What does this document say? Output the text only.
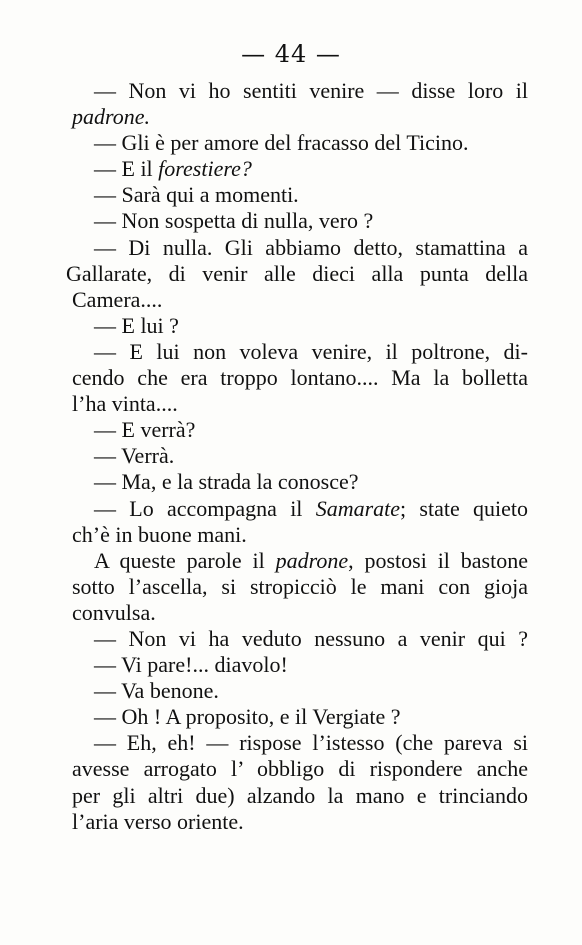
— 44 —
— Non vi ho sentiti venire — disse loro il
padrone.
— Gli è per amore del fracasso del Ticino.
— E il forestiere?
— Sarà qui a momenti.
— Non sospetta di nulla, vero ?
— Di nulla. Gli abbiamo detto, stamattina a
Gallarate, di venir alle dieci alla punta della
Camera....
— E lui ?
— E lui non voleva venire, il poltrone, di-
cendo che era troppo lontano.... Ma la bolletta
l’ha vinta....
— E verrà?
— Verrà.
— Ma, e la strada la conosce?
— Lo accompagna il Samarate; state quieto
ch’è in buone mani.
A queste parole il padrone, postosi il bastone
sotto l’ascella, si stropicciò le mani con gioja
convulsa.
— Non vi ha veduto nessuno a venir qui ?
— Vi pare!... diavolo!
— Va benone.
— Oh ! A proposito, e il Vergiate ?
— Eh, eh! — rispose l’istesso (che pareva si
avesse arrogato l’ obbligo di rispondere anche
per gli altri due) alzando la mano e trinciando
l’aria verso oriente.
